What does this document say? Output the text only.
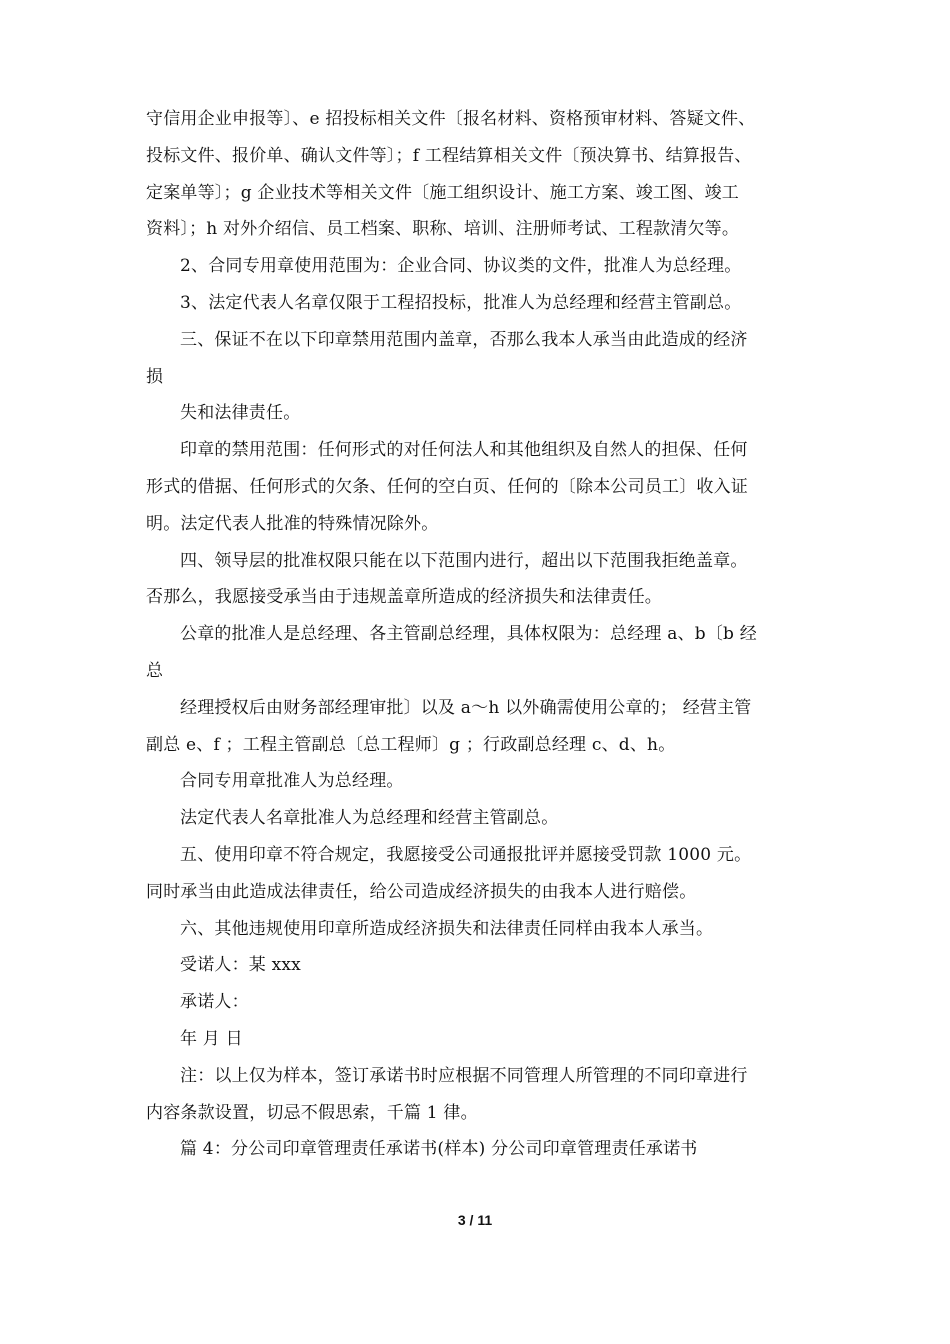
守信用企业申报等〕、e 招投标相关文件〔报名材料、资格预审材料、答疑文件、
投标文件、报价单、确认文件等〕；f 工程结算相关文件〔预决算书、结算报告、
定案单等〕；g 企业技术等相关文件〔施工组织设计、施工方案、竣工图、竣工
资料〕；h 对外介绍信、员工档案、职称、培训、注册师考试、工程款清欠等。
2、合同专用章使用范围为：企业合同、协议类的文件，批准人为总经理。
3、法定代表人名章仅限于工程招投标，批准人为总经理和经营主管副总。
三、保证不在以下印章禁用范围内盖章，否那么我本人承当由此造成的经济
损
失和法律责任。
印章的禁用范围：任何形式的对任何法人和其他组织及自然人的担保、任何
形式的借据、任何形式的欠条、任何的空白页、任何的〔除本公司员工〕收入证
明。法定代表人批准的特殊情况除外。
四、领导层的批准权限只能在以下范围内进行，超出以下范围我拒绝盖章。
否那么，我愿接受承当由于违规盖章所造成的经济损失和法律责任。
公章的批准人是总经理、各主管副总经理，具体权限为：总经理 a、b〔b 经
总
经理授权后由财务部经理审批〕以及 a～h 以外确需使用公章的； 经营主管
副总 e、f ；工程主管副总〔总工程师〕g ；行政副总经理 c、d、h。
合同专用章批准人为总经理。
法定代表人名章批准人为总经理和经营主管副总。
五、使用印章不符合规定，我愿接受公司通报批评并愿接受罚款 1000 元。
同时承当由此造成法律责任，给公司造成经济损失的由我本人进行赔偿。
六、其他违规使用印章所造成经济损失和法律责任同样由我本人承当。
受诺人：某 xxx
承诺人：
年 月 日
注：以上仅为样本，签订承诺书时应根据不同管理人所管理的不同印章进行
内容条款设置，切忌不假思索，千篇 1 律。
篇 4：分公司印章管理责任承诺书(样本) 分公司印章管理责任承诺书
3 / 11
